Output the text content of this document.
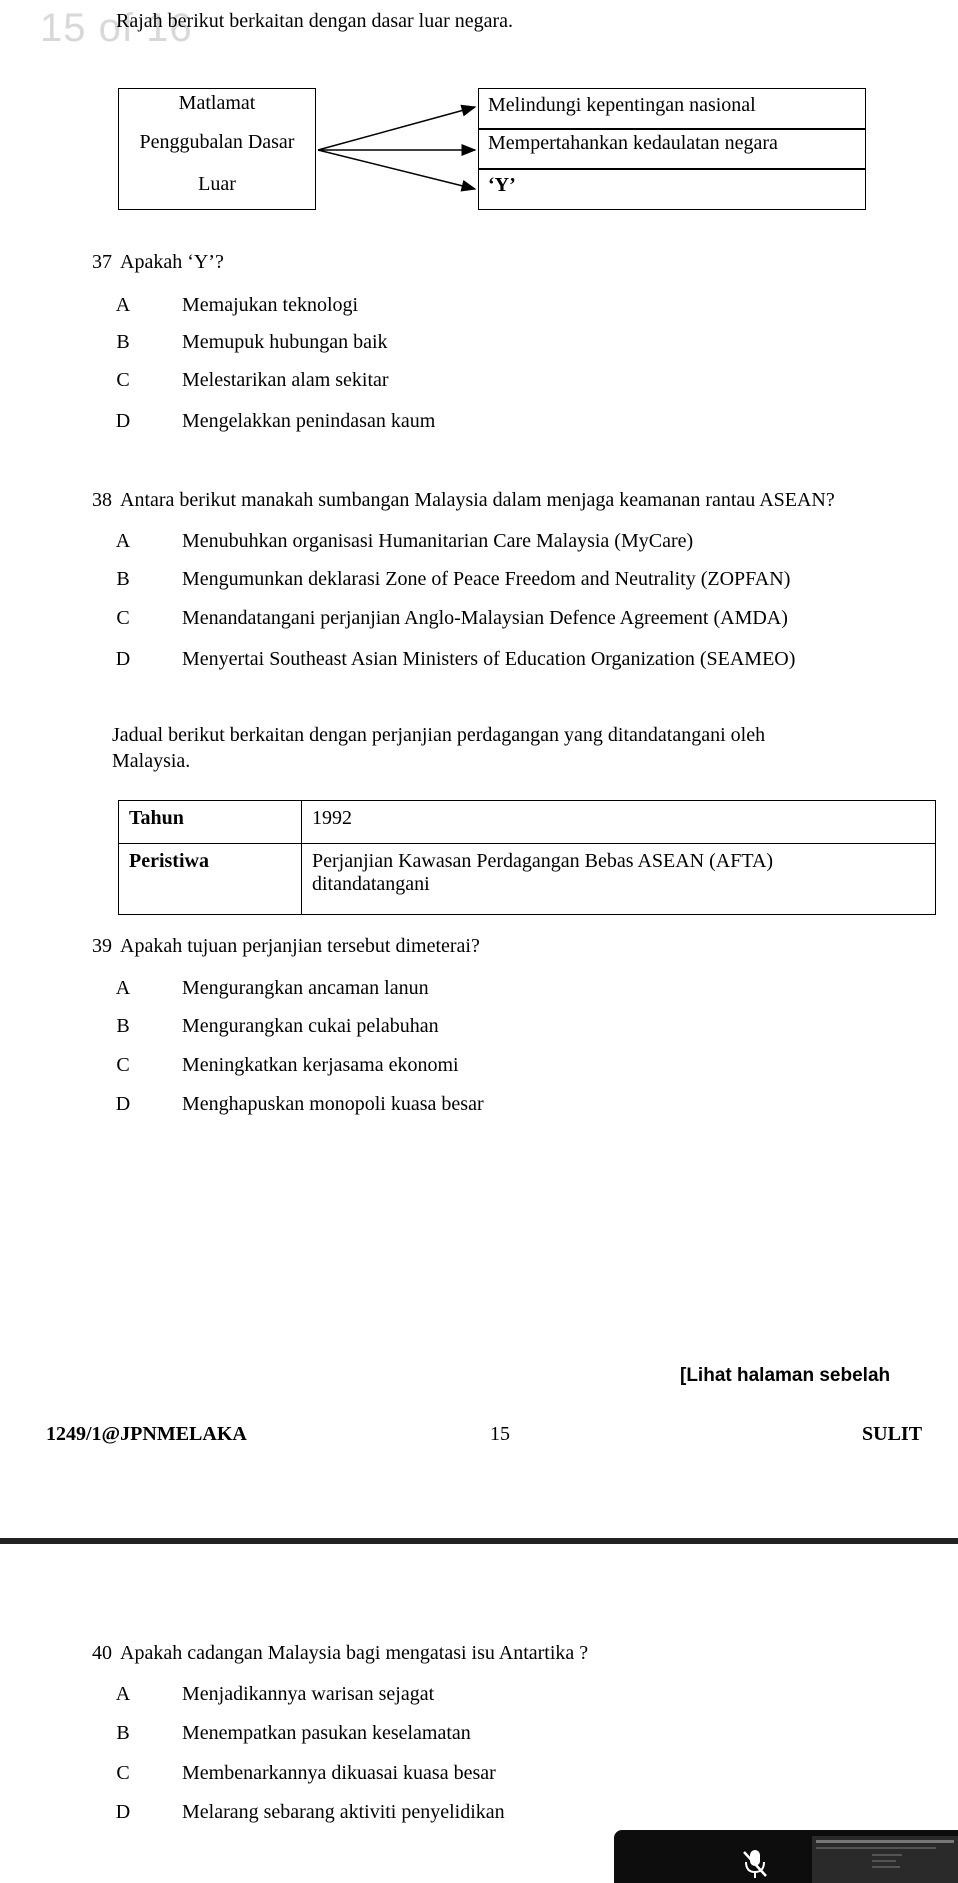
15 of 16
Rajah berikut berkaitan dengan dasar luar negara.
Matlamat
Penggubalan Dasar
Luar
Melindungi kepentingan nasional
Mempertahankan kedaulatan negara
‘Y’
37 Apakah ‘Y’?
A	Memajukan teknologi
B	Memupuk hubungan baik
C	Melestarikan alam sekitar
D	Mengelakkan penindasan kaum
38 Antara berikut manakah sumbangan Malaysia dalam menjaga keamanan rantau ASEAN?
A	Menubuhkan organisasi Humanitarian Care Malaysia (MyCare)
B	Mengumunkan deklarasi Zone of Peace Freedom and Neutrality (ZOPFAN)
C	Menandatangani perjanjian Anglo-Malaysian Defence Agreement (AMDA)
D	Menyertai Southeast Asian Ministers of Education Organization (SEAMEO)
Jadual berikut berkaitan dengan perjanjian perdagangan yang ditandatangani oleh
Malaysia.
Tahun	1992
Peristiwa	Perjanjian Kawasan Perdagangan Bebas ASEAN (AFTA) ditandatangani
39 Apakah tujuan perjanjian tersebut dimeterai?
A	Mengurangkan ancaman lanun
B	Mengurangkan cukai pelabuhan
C	Meningkatkan kerjasama ekonomi
D	Menghapuskan monopoli kuasa besar
[Lihat halaman sebelah
1249/1@JPNMELAKA	15	SULIT
40 Apakah cadangan Malaysia bagi mengatasi isu Antartika ?
A	Menjadikannya warisan sejagat
B	Menempatkan pasukan keselamatan
C	Membenarkannya dikuasai kuasa besar
D	Melarang sebarang aktiviti penyelidikan
